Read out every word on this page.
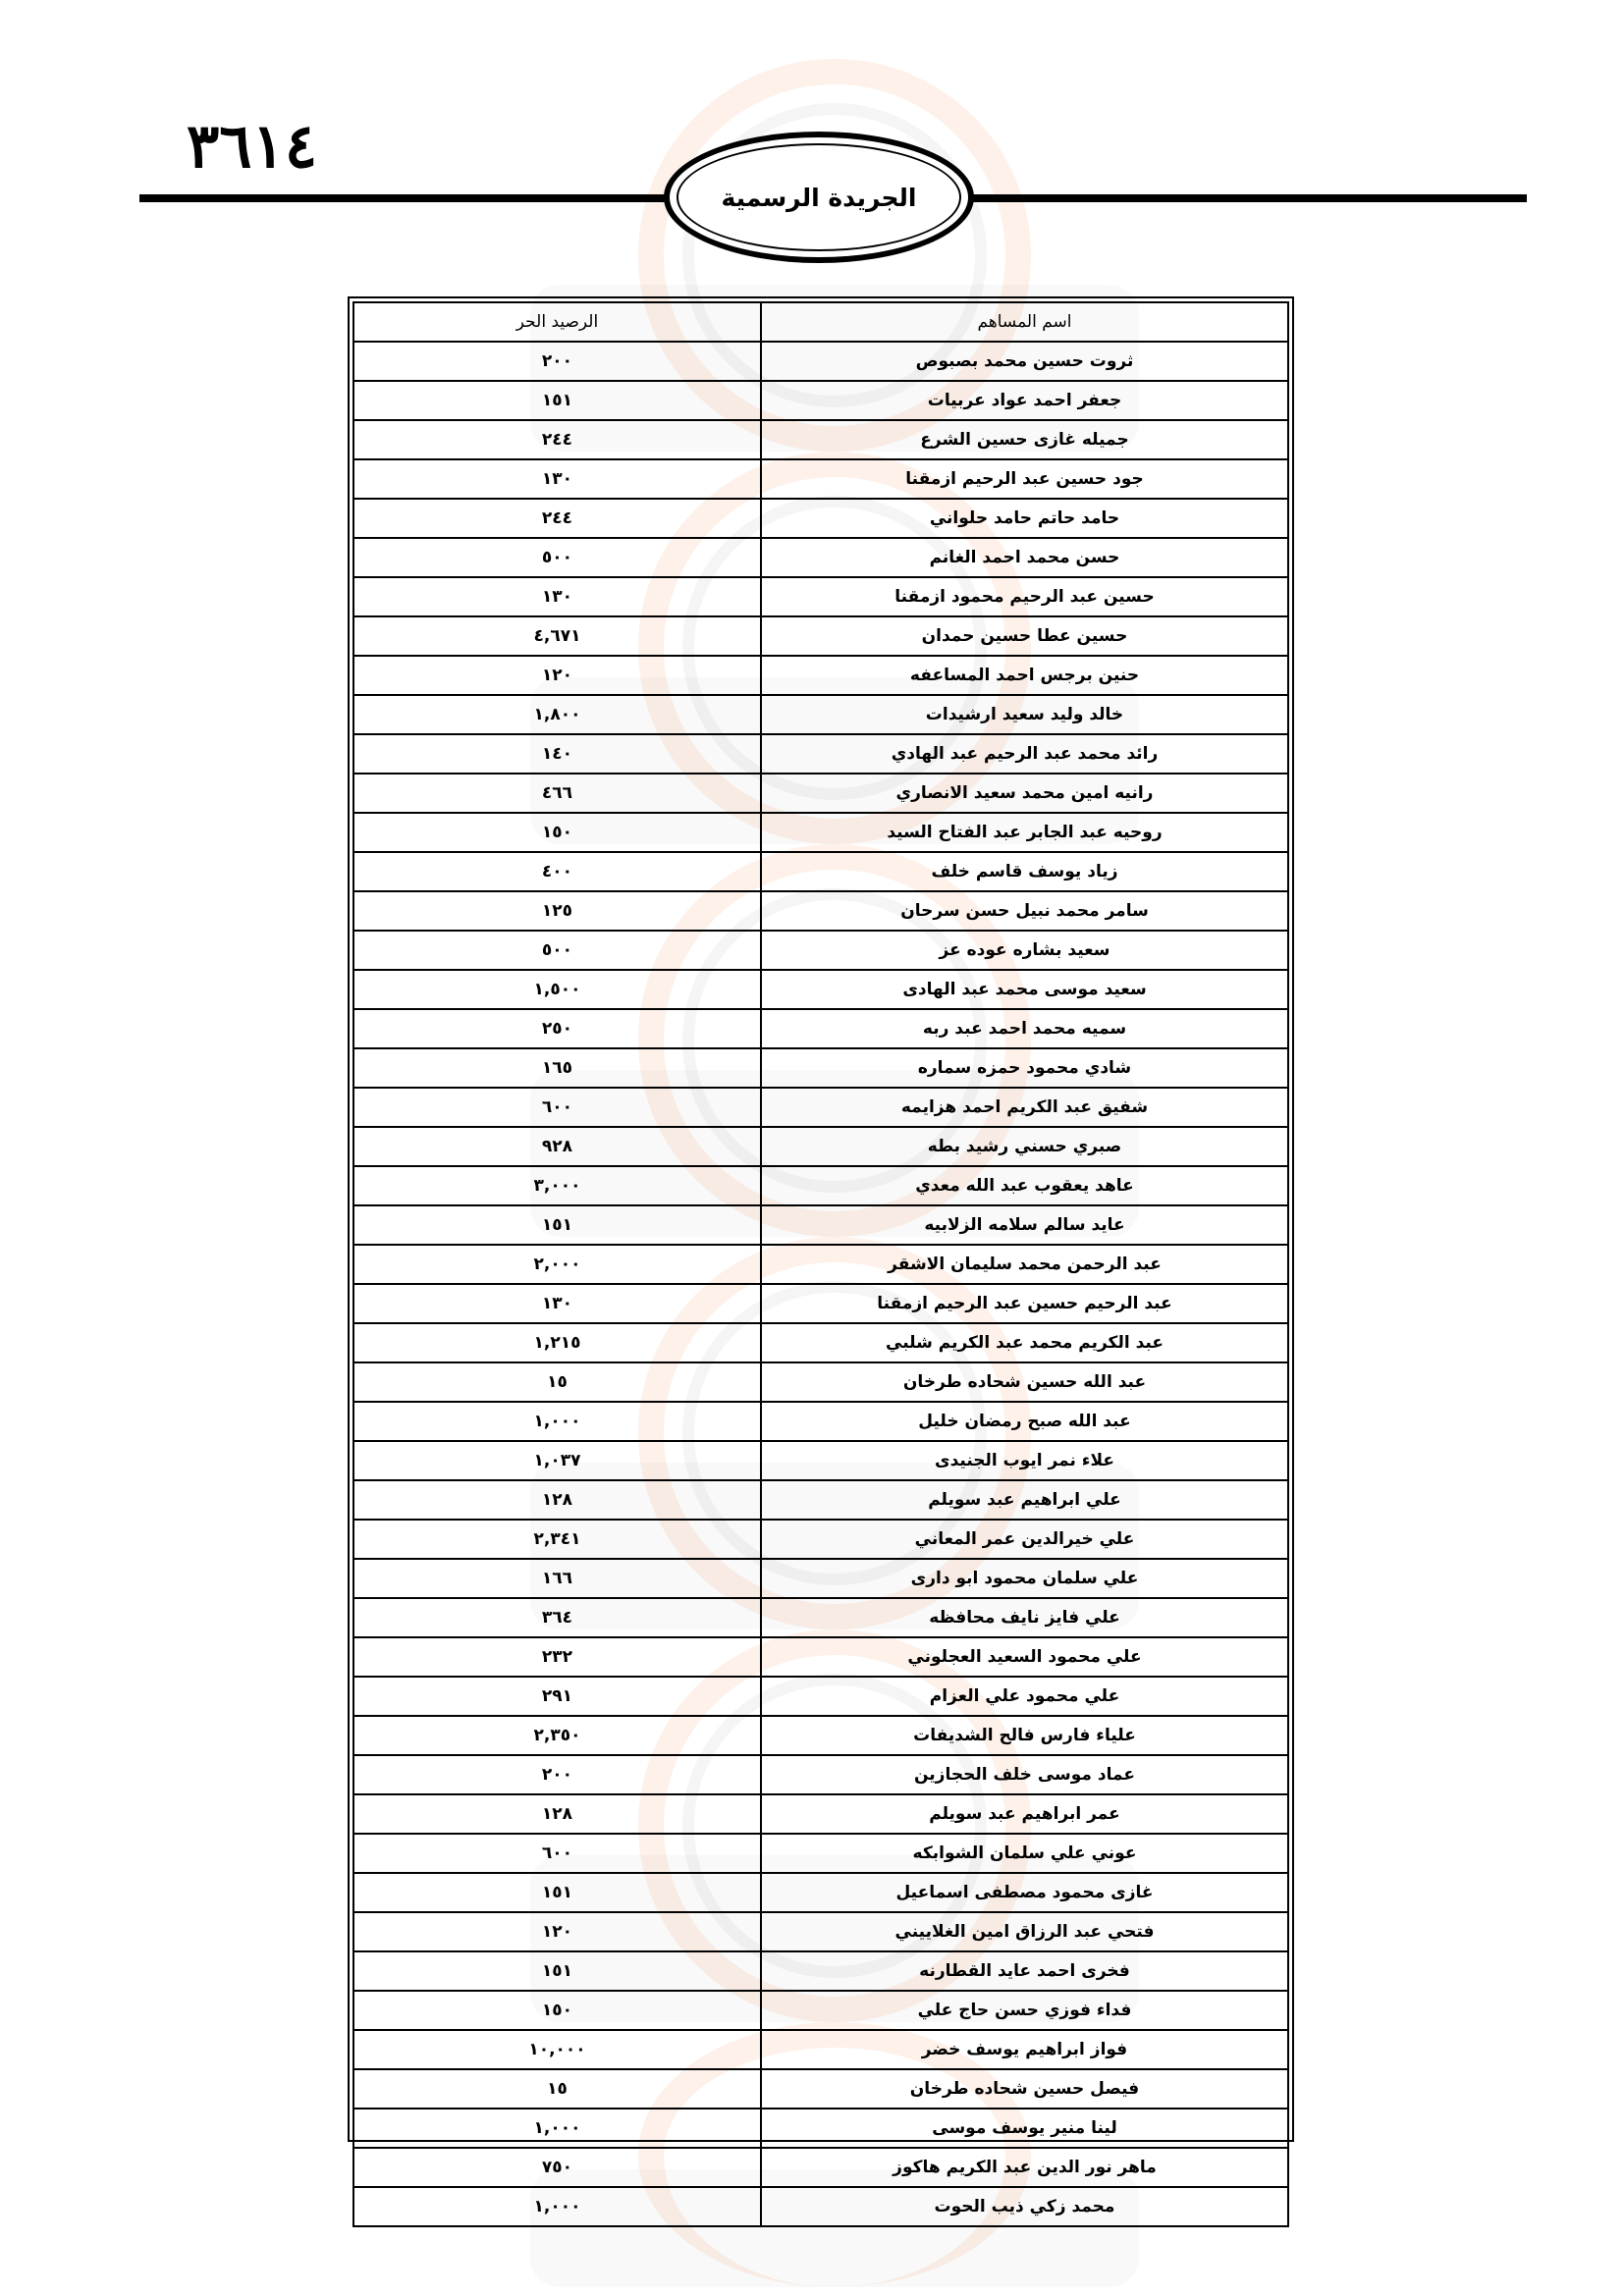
٣٦١٤
الجريدة الرسمية
اسم المساهم	الرصيد الحر
ثروت حسين محمد بصبوص	٢٠٠
جعفر احمد عواد عربيات	١٥١
جميله غازى حسين الشرع	٢٤٤
جود حسين عبد الرحيم ازمقنا	١٣٠
حامد حاتم حامد حلواني	٢٤٤
حسن محمد احمد الغانم	٥٠٠
حسين عبد الرحيم محمود ازمقنا	١٣٠
حسين عطا حسين حمدان	٤,٦٧١
حنين برجس احمد المساعفه	١٢٠
خالد وليد سعيد ارشيدات	١,٨٠٠
رائد محمد عبد الرحيم عبد الهادي	١٤٠
رانيه امين محمد سعيد الانصاري	٤٦٦
روحيه عبد الجابر عبد الفتاح السيد	١٥٠
زياد يوسف قاسم خلف	٤٠٠
سامر محمد نبيل حسن سرحان	١٢٥
سعيد بشاره عوده عز	٥٠٠
سعيد موسى محمد عبد الهادى	١,٥٠٠
سميه محمد احمد عبد ربه	٢٥٠
شادي محمود حمزه سماره	١٦٥
شفيق عبد الكريم احمد هزايمه	٦٠٠
صبري حسني رشيد بطه	٩٢٨
عاهد يعقوب عبد الله معدي	٣,٠٠٠
عايد سالم سلامه الزلابيه	١٥١
عبد الرحمن محمد سليمان الاشقر	٢,٠٠٠
عبد الرحيم حسين عبد الرحيم ازمقنا	١٣٠
عبد الكريم محمد عبد الكريم شلبي	١,٢١٥
عبد الله حسين شحاده طرخان	١٥
عبد الله صبح رمضان خليل	١,٠٠٠
علاء نمر ايوب الجنيدى	١,٠٣٧
علي ابراهيم عبد سويلم	١٢٨
علي خيرالدين عمر المعاني	٢,٣٤١
علي سلمان محمود ابو دارى	١٦٦
علي فايز نايف محافظه	٣٦٤
علي محمود السعيد العجلوني	٢٣٢
علي محمود علي العزام	٢٩١
علياء فارس فالح الشديفات	٢,٣٥٠
عماد موسى خلف الحجازين	٢٠٠
عمر ابراهيم عبد سويلم	١٢٨
عوني علي سلمان الشوابكه	٦٠٠
غازى محمود مصطفى اسماعيل	١٥١
فتحي عبد الرزاق امين الغلاييني	١٢٠
فخرى احمد عايد القطارنه	١٥١
فداء فوزي حسن حاج علي	١٥٠
فواز ابراهيم يوسف خضر	١٠,٠٠٠
فيصل حسين شحاده طرخان	١٥
لينا منير يوسف موسى	١,٠٠٠
ماهر نور الدين عبد الكريم هاكوز	٧٥٠
محمد زكي ذيب الحوت	١,٠٠٠
